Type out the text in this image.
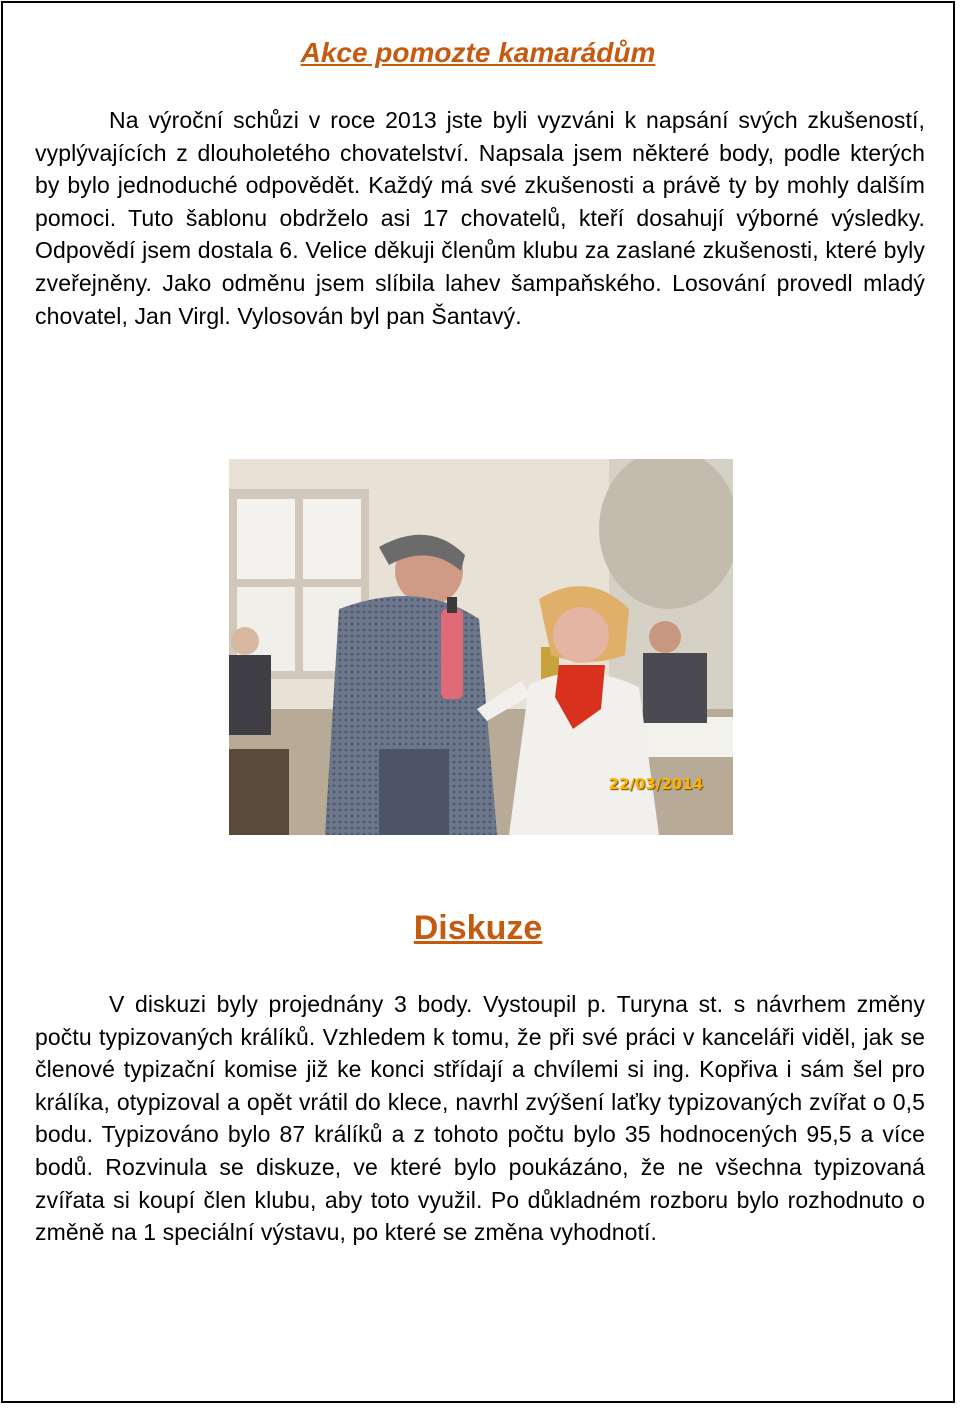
Akce pomozte kamarádům

Na výroční schůzi v roce 2013 jste byli vyzváni k napsání svých zkušeností, vyplývajících z dlouholetého chovatelství. Napsala jsem některé body, podle kterých by bylo jednoduché odpovědět. Každý má své zkušenosti a právě ty by mohly dalším pomoci. Tuto šablonu obdrželo asi 17 chovatelů, kteří dosahují výborné výsledky. Odpovědí jsem dostala 6. Velice děkuji členům klubu za zaslané zkušenosti, které byly zveřejněny. Jako odměnu jsem slíbila lahev šampaňského. Losování provedl mladý chovatel, Jan Virgl. Vylosován byl pan Šantavý.

22/03/2014
Diskuze

V diskuzi byly projednány 3 body. Vystoupil p. Turyna st. s návrhem změny počtu typizovaných králíků. Vzhledem k tomu, že při své práci v kanceláři viděl, jak se členové typizační komise již ke konci střídají a chvílemi si ing. Kopřiva i sám šel pro králíka, otypizoval a opět vrátil do klece, navrhl zvýšení laťky typizovaných zvířat o 0,5 bodu. Typizováno bylo 87 králíků a z tohoto počtu bylo 35 hodnocených 95,5 a více bodů. Rozvinula se diskuze, ve které bylo poukázáno, že ne všechna typizovaná zvířata si koupí člen klubu, aby toto využil. Po důkladném rozboru bylo rozhodnuto o změně na 1 speciální výstavu, po které se změna vyhodnotí.
